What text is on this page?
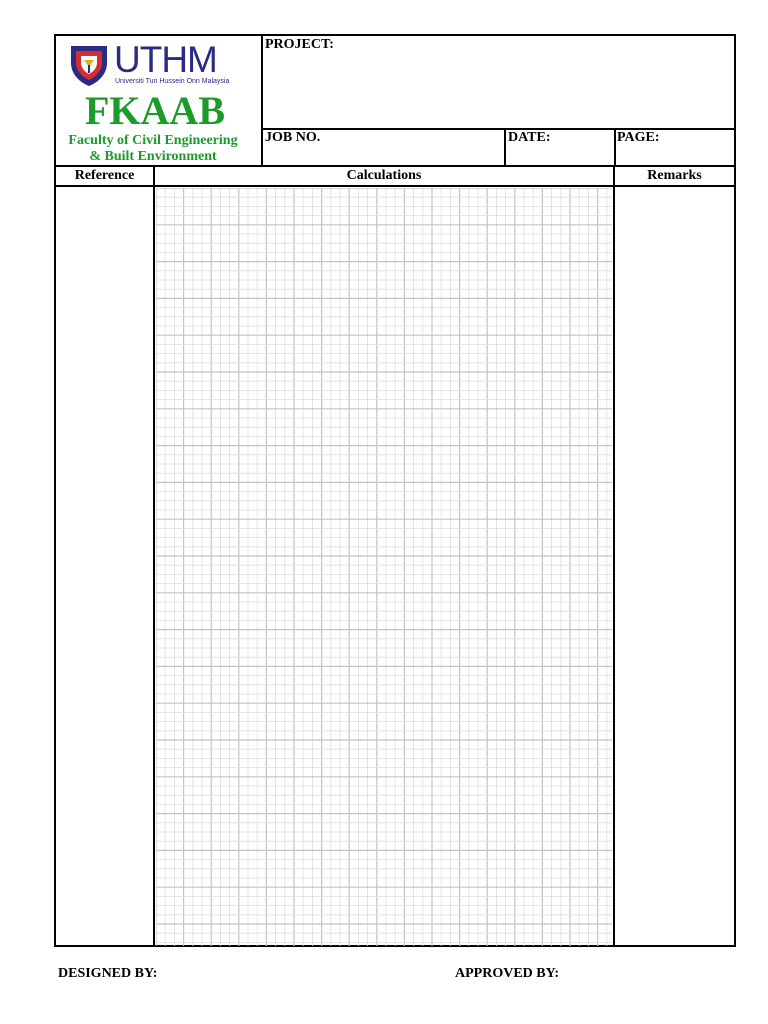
UTHM
Universiti Tun Hussein Onn Malaysia
FKAAB
Faculty of Civil Engineering
& Built Environment
PROJECT:
JOB NO.	DATE:	PAGE:
Reference	Calculations	Remarks
DESIGNED BY:	APPROVED BY:
